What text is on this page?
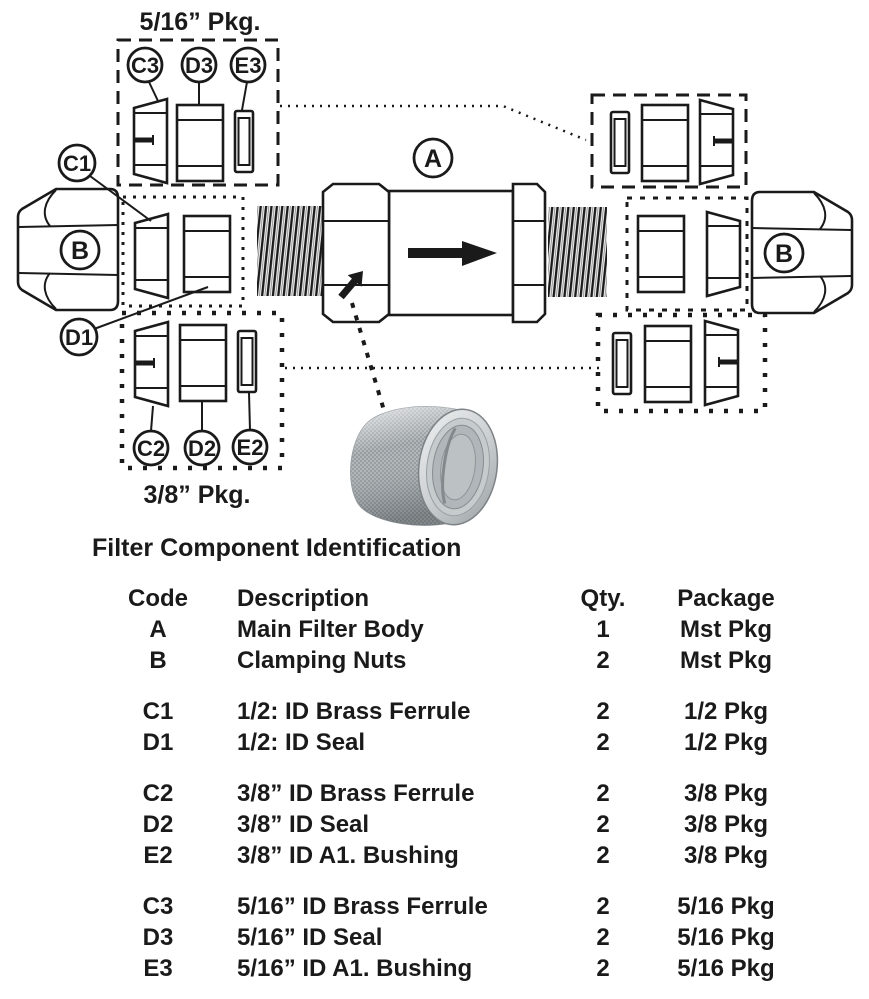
C3 D3 E3
C1
D1
C2 D2 E2
A
B	B
5/16” Pkg.
3/8” Pkg.
Filter Component Identification
Code	Description	Qty.	Package
A	Main Filter Body	1	Mst Pkg
B	Clamping Nuts	2	Mst Pkg
C1	1/2: ID Brass Ferrule	2	1/2 Pkg
D1	1/2: ID Seal	2	1/2 Pkg
C2	3/8” ID Brass Ferrule	2	3/8 Pkg
D2	3/8” ID Seal	2	3/8 Pkg
E2	3/8” ID A1. Bushing	2	3/8 Pkg
C3	5/16” ID Brass Ferrule	2	5/16 Pkg
D3	5/16” ID Seal	2	5/16 Pkg
E3	5/16” ID A1. Bushing	2	5/16 Pkg
